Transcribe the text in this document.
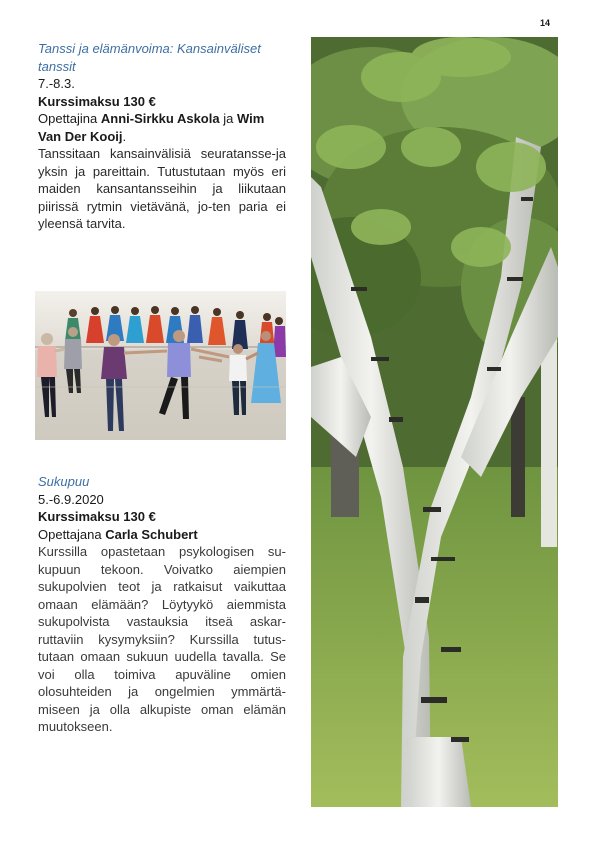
14

Tanssi ja elämänvoima: Kansainväliset
tanssit

7.-8.3.

Kurssimaksu 130 €

Opettajina Anni-Sirkku Askola ja Wim
Van Der Kooij.

Tanssitaan kansainvälisiä seuratansse-ja yksin ja pareittain. Tutustutaan myös eri maiden kansantansseihin ja liikutaan piirissä rytmin vietävänä, jo-ten paria ei yleensä tarvita.

Sukupuu

5.-6.9.2020

Kurssimaksu 130 €

Opettajana Carla Schubert

Kurssilla opastetaan psykologisen su-kupuun tekoon. Voivatko aiempien sukupolvien teot ja ratkaisut vaikuttaa omaan elämään? Löytyykö aiemmista sukupolvista vastauksia itseä askar-ruttaviin kysymyksiin? Kurssilla tutus-tutaan omaan sukuun uudella tavalla. Se voi olla toimiva apuväline omien olosuhteiden ja ongelmien ymmärtä-miseen ja olla alkupiste oman elämän muutokseen.
